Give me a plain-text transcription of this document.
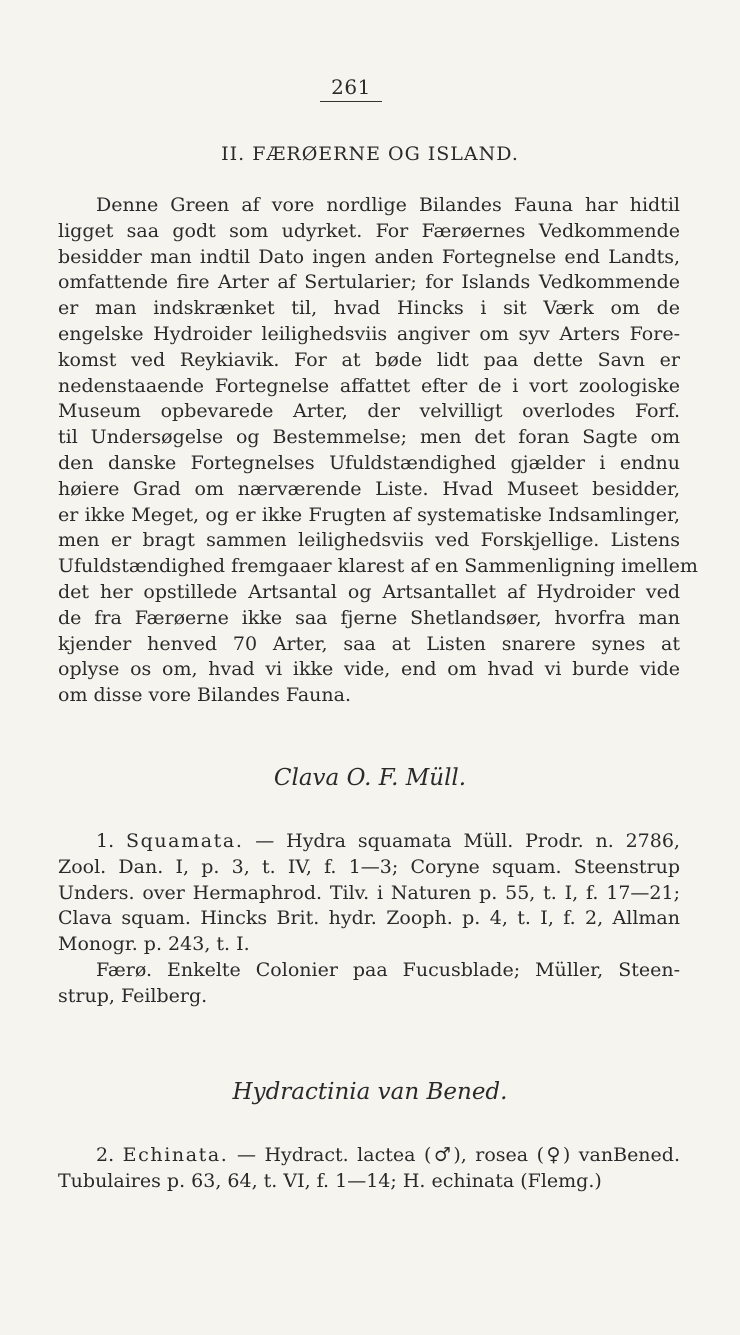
261
II. FÆRØERNE OG ISLAND.
Denne Green af vore nordlige Bilandes Fauna har hidtil
ligget saa godt som udyrket. For Færøernes Vedkommende
besidder man indtil Dato ingen anden Fortegnelse end Landts,
omfattende fire Arter af Sertularier; for Islands Vedkommende
er man indskrænket til, hvad Hincks i sit Værk om de
engelske Hydroider leilighedsviis angiver om syv Arters Fore-
komst ved Reykiavik. For at bøde lidt paa dette Savn er
nedenstaaende Fortegnelse affattet efter de i vort zoologiske
Museum opbevarede Arter, der velvilligt overlodes Forf.
til Undersøgelse og Bestemmelse; men det foran Sagte om
den danske Fortegnelses Ufuldstændighed gjælder i endnu
høiere Grad om nærværende Liste. Hvad Museet besidder,
er ikke Meget, og er ikke Frugten af systematiske Indsamlinger,
men er bragt sammen leilighedsviis ved Forskjellige. Listens
Ufuldstændighed fremgaaer klarest af en Sammenligning imellem
det her opstillede Artsantal og Artsantallet af Hydroider ved
de fra Færøerne ikke saa fjerne Shetlandsøer, hvorfra man
kjender henved 70 Arter, saa at Listen snarere synes at
oplyse os om, hvad vi ikke vide, end om hvad vi burde vide
om disse vore Bilandes Fauna.
Clava O. F. Müll.
1. Squamata. — Hydra squamata Müll. Prodr. n. 2786,
Zool. Dan. I, p. 3, t. IV, f. 1—3; Coryne squam. Steenstrup
Unders. over Hermaphrod. Tilv. i Naturen p. 55, t. I, f. 17—21;
Clava squam. Hincks Brit. hydr. Zooph. p. 4, t. I, f. 2, Allman
Monogr. p. 243, t. I.
Færø. Enkelte Colonier paa Fucusblade; Müller, Steen-
strup, Feilberg.
Hydractinia van Bened.
2. Echinata. — Hydract. lactea (♂), rosea (♀) vanBened.
Tubulaires p. 63, 64, t. VI, f. 1—14; H. echinata (Flemg.)
